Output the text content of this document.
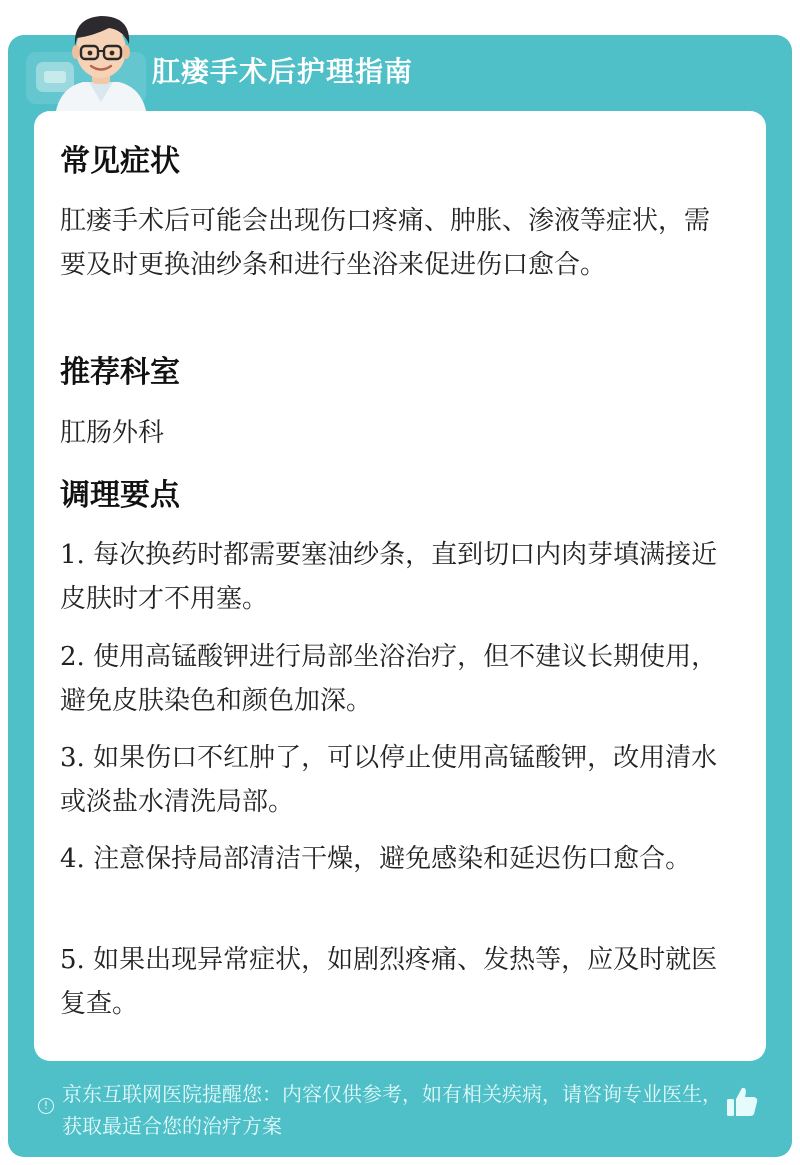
肛瘘手术后护理指南
常见症状
肛瘘手术后可能会出现伤口疼痛、肿胀、渗液等症状，需要及时更换油纱条和进行坐浴来促进伤口愈合。
推荐科室
肛肠外科
调理要点
1. 每次换药时都需要塞油纱条，直到切口内肉芽填满接近皮肤时才不用塞。
2. 使用高锰酸钾进行局部坐浴治疗，但不建议长期使用，避免皮肤染色和颜色加深。
3. 如果伤口不红肿了，可以停止使用高锰酸钾，改用清水或淡盐水清洗局部。
4. 注意保持局部清洁干燥，避免感染和延迟伤口愈合。
5. 如果出现异常症状，如剧烈疼痛、发热等，应及时就医复查。
! 京东互联网医院提醒您：内容仅供参考，如有相关疾病，请咨询专业医生，获取最适合您的治疗方案
